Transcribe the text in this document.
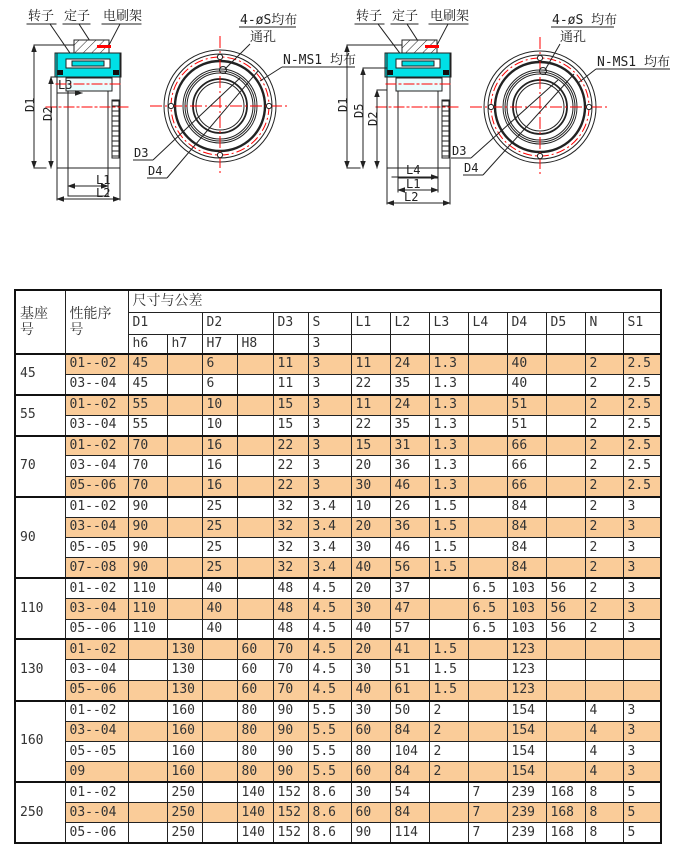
转子 定子 电刷架
D1
D2
L3
L1
L2
4-øS均布
通孔
N-MS1 均布
D3
D4
转子 定子 电刷架
D1 D5
D2
L4
L1
L2
4-øS 均布
通孔
N-MS1 均布
D3
D4
基座号	性能序号	尺寸与公差													
		D1		D2		D3	S	L1	L2	L3	L4	D4	D5	N	S1
		h6	h7	H7	H8		3								
45	01--02	45		6		11	3	11	24	1.3		40		2	2.5
	03--04	45		6		11	3	22	35	1.3		40		2	2.5
55	01--02	55		10		15	3	11	24	1.3		51		2	2.5
	03--04	55		10		15	3	22	35	1.3		51		2	2.5
70	01--02	70		16		22	3	15	31	1.3		66		2	2.5
	03--04	70		16		22	3	20	36	1.3		66		2	2.5
	05--06	70		16		22	3	30	46	1.3		66		2	2.5
90	01--02	90		25		32	3.4	10	26	1.5		84		2	3
	03--04	90		25		32	3.4	20	36	1.5		84		2	3
	05--05	90		25		32	3.4	30	46	1.5		84		2	3
	07--08	90		25		32	3.4	40	56	1.5		84		2	3
110	01--02	110		40		48	4.5	20	37		6.5	103	56	2	3
	03--04	110		40		48	4.5	30	47		6.5	103	56	2	3
	05--06	110		40		48	4.5	40	57		6.5	103	56	2	3
130	01--02		130		60	70	4.5	20	41	1.5		123			
	03--04		130		60	70	4.5	30	51	1.5		123			
	05--06		130		60	70	4.5	40	61	1.5		123			
160	01--02		160		80	90	5.5	30	50	2		154		4	3
	03--04		160		80	90	5.5	60	84	2		154		4	3
	05--05		160		80	90	5.5	80	104	2		154		4	3
	09		160		80	90	5.5	60	84	2		154		4	3
250	01--02		250		140	152	8.6	30	54		7	239	168	8	5
	03--04		250		140	152	8.6	60	84		7	239	168	8	5
	05--06		250		140	152	8.6	90	114		7	239	168	8	5
